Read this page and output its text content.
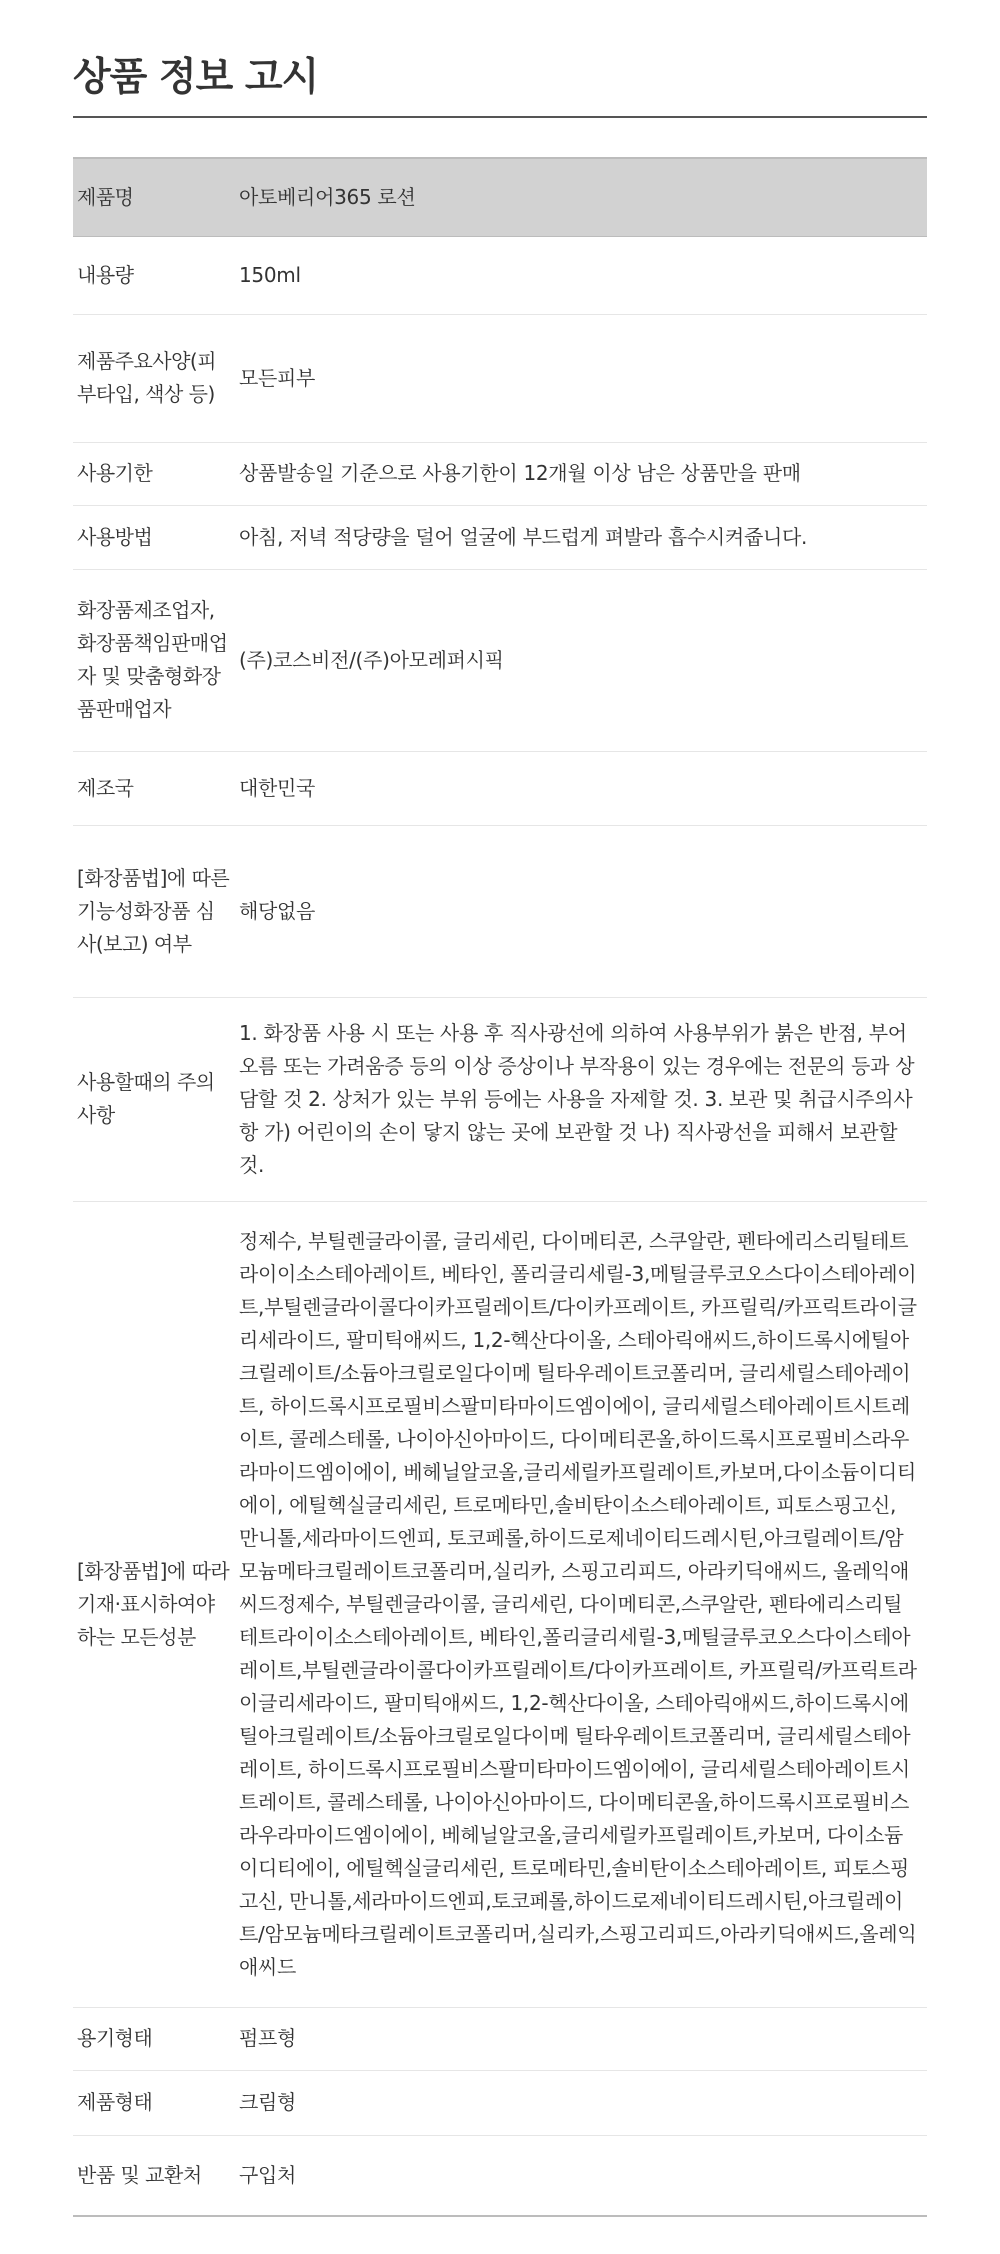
상품 정보 고시
제품명	아토베리어365 로션
내용량	150ml
제품주요사양(피부타입, 색상 등)	모든피부
사용기한	상품발송일 기준으로 사용기한이 12개월 이상 남은 상품만을 판매
사용방법	아침, 저녁 적당량을 덜어 얼굴에 부드럽게 펴발라 흡수시켜줍니다.
화장품제조업자, 화장품책임판매업자 및 맞춤형화장품판매업자	(주)코스비전/(주)아모레퍼시픽
제조국	대한민국
[화장품법]에 따른기능성화장품 심사(보고) 여부	해당없음
사용할때의 주의사항	1. 화장품 사용 시 또는 사용 후 직사광선에 의하여 사용부위가 붉은 반점, 부어오름 또는 가려움증 등의 이상 증상이나 부작용이 있는 경우에는 전문의 등과 상담할 것 2. 상처가 있는 부위 등에는 사용을 자제할 것. 3. 보관 및 취급시주의사항 가) 어린이의 손이 닿지 않는 곳에 보관할 것 나) 직사광선을 피해서 보관할 것.
[화장품법]에 따라 기재·표시하여야 하는 모든성분	정제수, 부틸렌글라이콜, 글리세린, 다이메티콘, 스쿠알란, 펜타에리스리틸테트라이이소스테아레이트, 베타인, 폴리글리세릴-3,메틸글루코오스다이스테아레이트,부틸렌글라이콜다이카프릴레이트/다이카프레이트, 카프릴릭/카프릭트라이글리세라이드, 팔미틱애씨드, 1,2-헥산다이올, 스테아릭애씨드,하이드록시에틸아크릴레이트/소듐아크릴로일다이메 틸타우레이트코폴리머, 글리세릴스테아레이트, 하이드록시프로필비스팔미타마이드엠이에이, 글리세릴스테아레이트시트레이트, 콜레스테롤, 나이아신아마이드, 다이메티콘올,하이드록시프로필비스라우라마이드엠이에이, 베헤닐알코올,글리세릴카프릴레이트,카보머,다이소듐이디티에이, 에틸헥실글리세린, 트로메타민,솔비탄이소스테아레이트, 피토스핑고신, 만니톨,세라마이드엔피, 토코페롤,하이드로제네이티드레시틴,아크릴레이트/암모늄메타크릴레이트코폴리머,실리카, 스핑고리피드, 아라키딕애씨드, 올레익애씨드정제수, 부틸렌글라이콜, 글리세린, 다이메티콘,스쿠알란, 펜타에리스리틸테트라이이소스테아레이트, 베타인,폴리글리세릴-3,메틸글루코오스다이스테아레이트,부틸렌글라이콜다이카프릴레이트/다이카프레이트, 카프릴릭/카프릭트라이글리세라이드, 팔미틱애씨드, 1,2-헥산다이올, 스테아릭애씨드,하이드록시에틸아크릴레이트/소듐아크릴로일다이메 틸타우레이트코폴리머, 글리세릴스테아레이트, 하이드록시프로필비스팔미타마이드엠이에이, 글리세릴스테아레이트시트레이트, 콜레스테롤, 나이아신아마이드, 다이메티콘올,하이드록시프로필비스라우라마이드엠이에이, 베헤닐알코올,글리세릴카프릴레이트,카보머, 다이소듐이디티에이, 에틸헥실글리세린, 트로메타민,솔비탄이소스테아레이트, 피토스핑고신, 만니톨,세라마이드엔피,토코페롤,하이드로제네이티드레시틴,아크릴레이트/암모늄메타크릴레이트코폴리머,실리카,스핑고리피드,아라키딕애씨드,올레익애씨드
용기형태	펌프형
제품형태	크림형
반품 및 교환처	구입처
